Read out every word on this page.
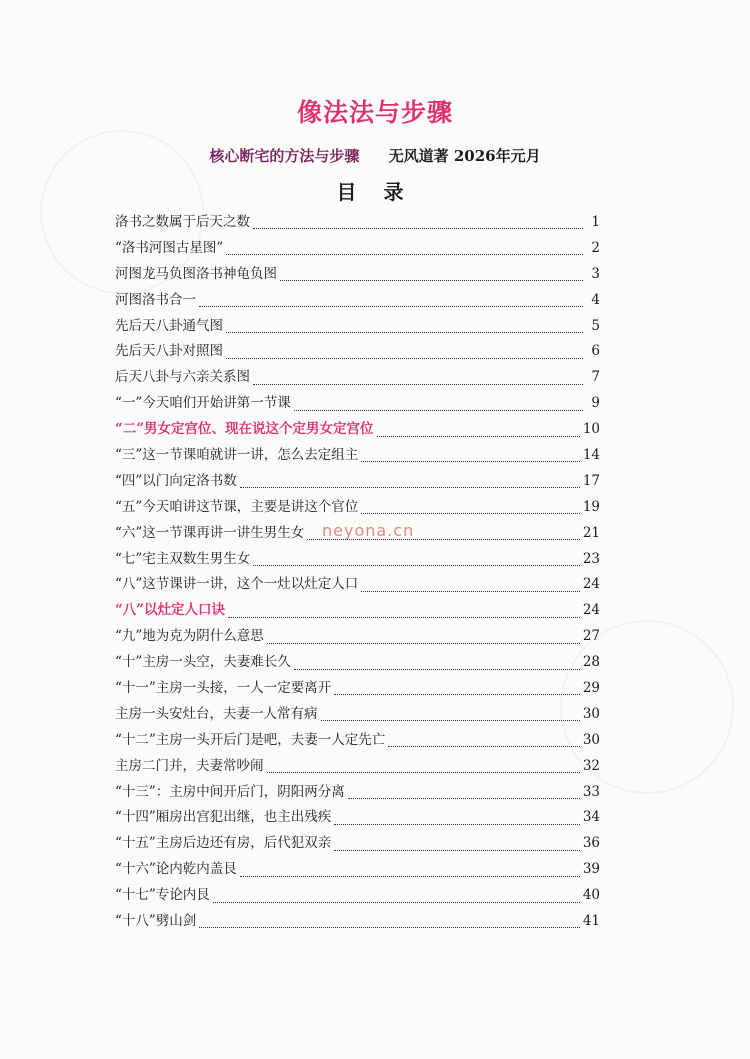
像法法与步骤
核心断宅的方法与步骤 无风道著 2026年元月
目 录
洛书之数属于后天之数	1
“洛书河图古星图”	2
河图龙马负图洛书神龟负图	3
河图洛书合一	4
先后天八卦通气图	5
先后天八卦对照图	6
后天八卦与六亲关系图	7
“一”今天咱们开始讲第一节课	9
“二”男女定宫位、现在说这个定男女定宫位	10
“三”这一节课咱就讲一讲，怎么去定组主	14
“四”以门向定洛书数	17
“五”今天咱讲这节课，主要是讲这个官位	19
“六”这一节课再讲一讲生男生女	21
“七”宅主双数生男生女	23
“八”这节课讲一讲，这个一灶以灶定人口	24
“八”以灶定人口诀	24
“九”地为克为阴什么意思	27
“十”主房一头空，夫妻难长久	28
“十一”主房一头接，一人一定要离开	29
主房一头安灶台，夫妻一人常有病	30
“十二”主房一头开后门是吧，夫妻一人定先亡	30
主房二门并，夫妻常吵闹	32
“十三”：主房中间开后门，阴阳两分离	33
“十四”厢房出宫犯出继，也主出残疾	34
“十五”主房后边还有房，后代犯双亲	36
“十六”论内乾内盖艮	39
“十七”专论内艮	40
“十八”劈山剑	41
neyona.cn
